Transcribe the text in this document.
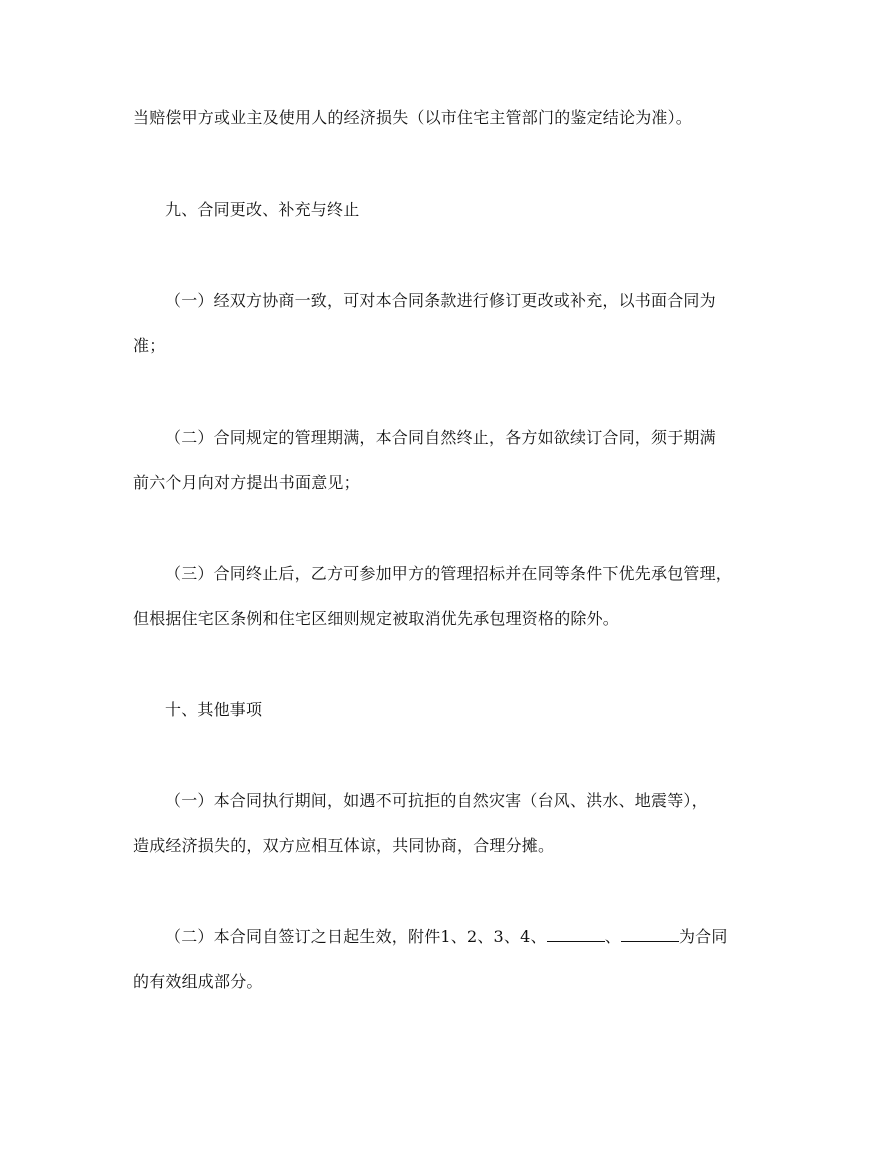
当赔偿甲方或业主及使用人的经济损失（以市住宅主管部门的鉴定结论为准）。
九、合同更改、补充与终止
（一）经双方协商一致，可对本合同条款进行修订更改或补充，以书面合同为
准；
（二）合同规定的管理期满，本合同自然终止，各方如欲续订合同，须于期满
前六个月向对方提出书面意见；
（三）合同终止后，乙方可参加甲方的管理招标并在同等条件下优先承包管理，
但根据住宅区条例和住宅区细则规定被取消优先承包理资格的除外。
十、其他事项
（一）本合同执行期间，如遇不可抗拒的自然灾害（台风、洪水、地震等），
造成经济损失的，双方应相互体谅，共同协商，合理分摊。
（二）本合同自签订之日起生效，附件1、2、3、4、	、	为合同
的有效组成部分。
